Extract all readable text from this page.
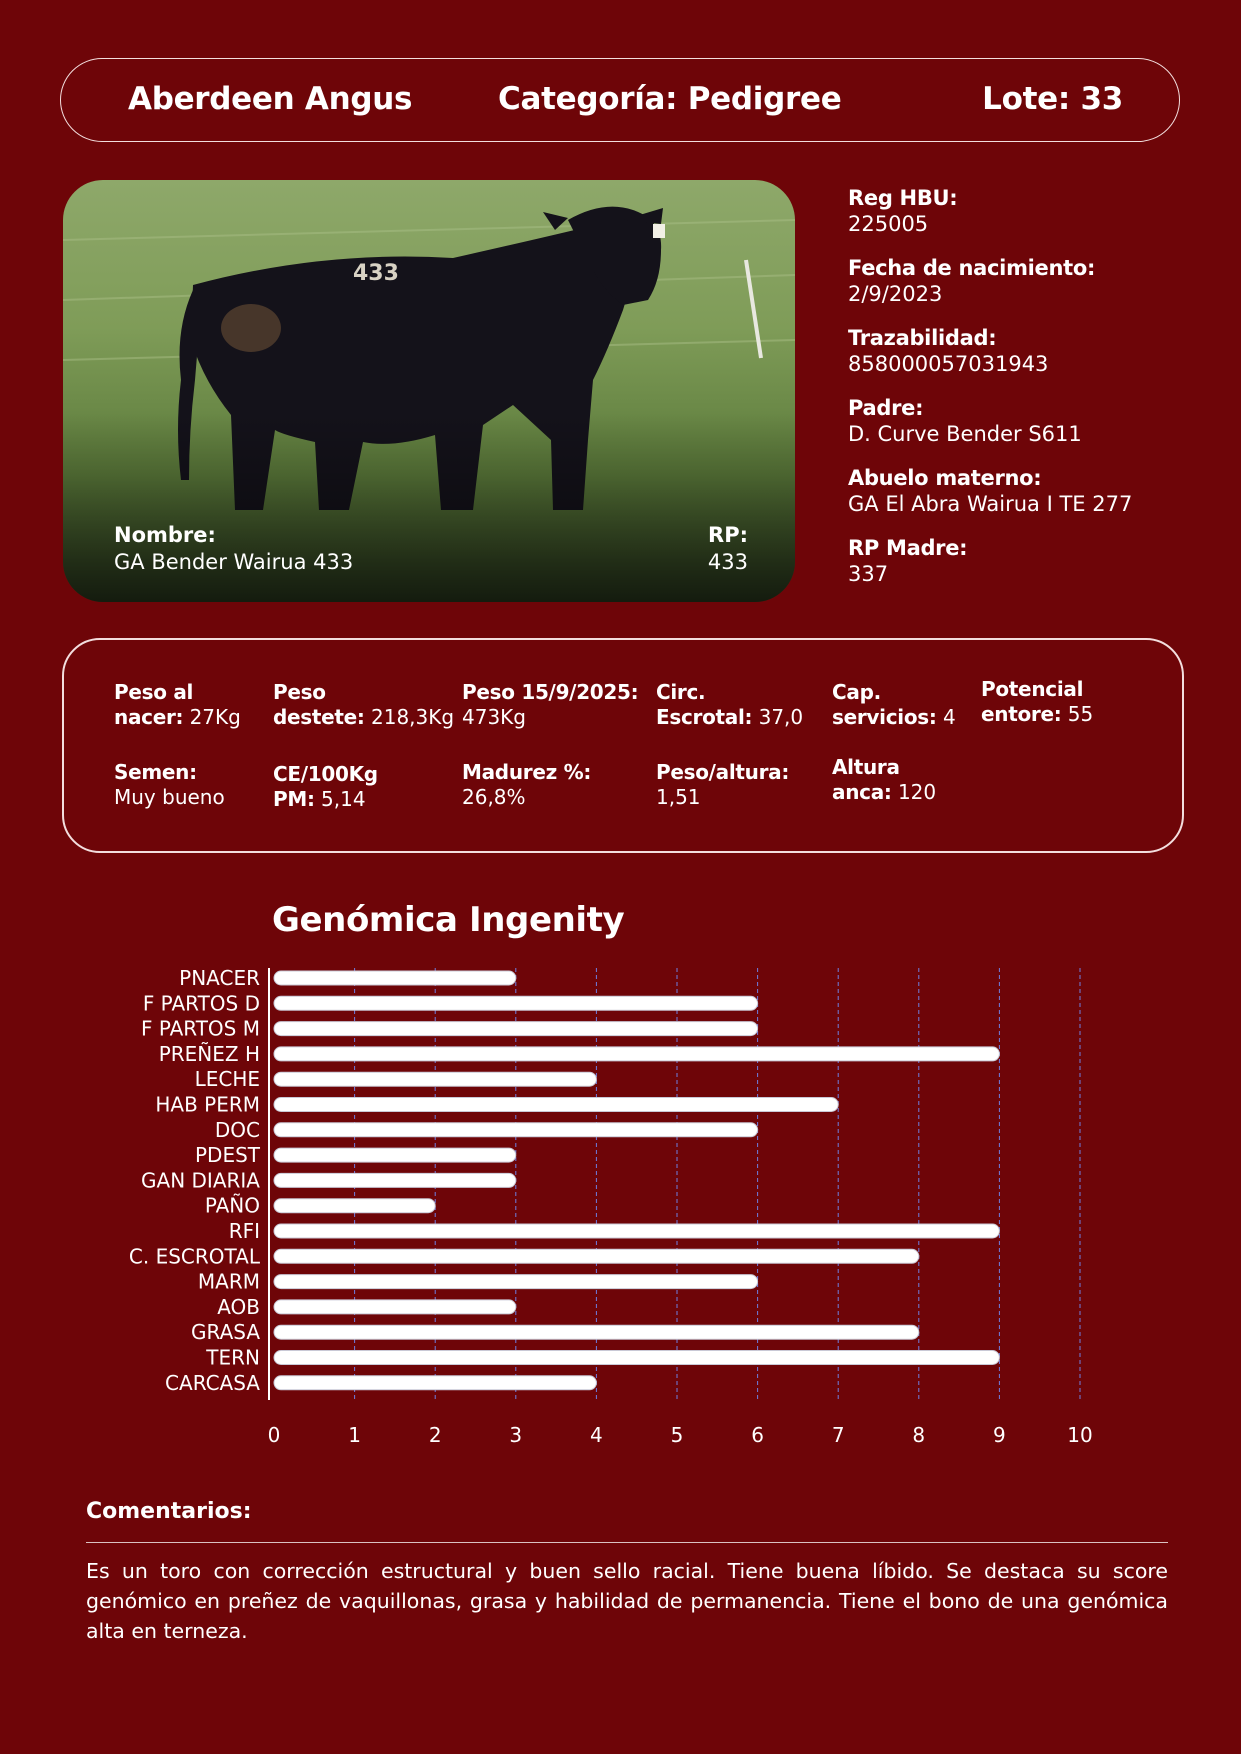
Aberdeen Angus	Categoría: Pedigree	Lote: 33
Nombre:
GA Bender Wairua 433
RP:
433
Reg HBU:
225005
Fecha de nacimiento:
2/9/2023
Trazabilidad:
858000057031943
Padre:
D. Curve Bender S611
Abuelo materno:
GA El Abra Wairua I TE 277
RP Madre:
337
Peso al
nacer: 27Kg
Peso
destete: 218,3Kg
Peso 15/9/2025:
473Kg
Circ.
Escrotal: 37,0
Cap.
servicios: 4
Potencial
entore: 55
Semen:
Muy bueno
CE/100Kg
PM: 5,14
Madurez %:
26,8%
Peso/altura:
1,51
Altura
anca: 120
Genómica Ingenity
0	1	2	3	4	5	6	7	8	9	10
PNACER
F PARTOS D
F PARTOS M
PREÑEZ H
LECHE
HAB PERM
DOC
PDEST
GAN DIARIA
PAÑO
RFI
C. ESCROTAL
MARM
AOB
GRASA
TERN
CARCASA
Comentarios:
Es un toro con corrección estructural y buen sello racial. Tiene buena líbido. Se destaca su score genómico en preñez de vaquillonas, grasa y habilidad de permanencia. Tiene el bono de una genómica alta en terneza.
